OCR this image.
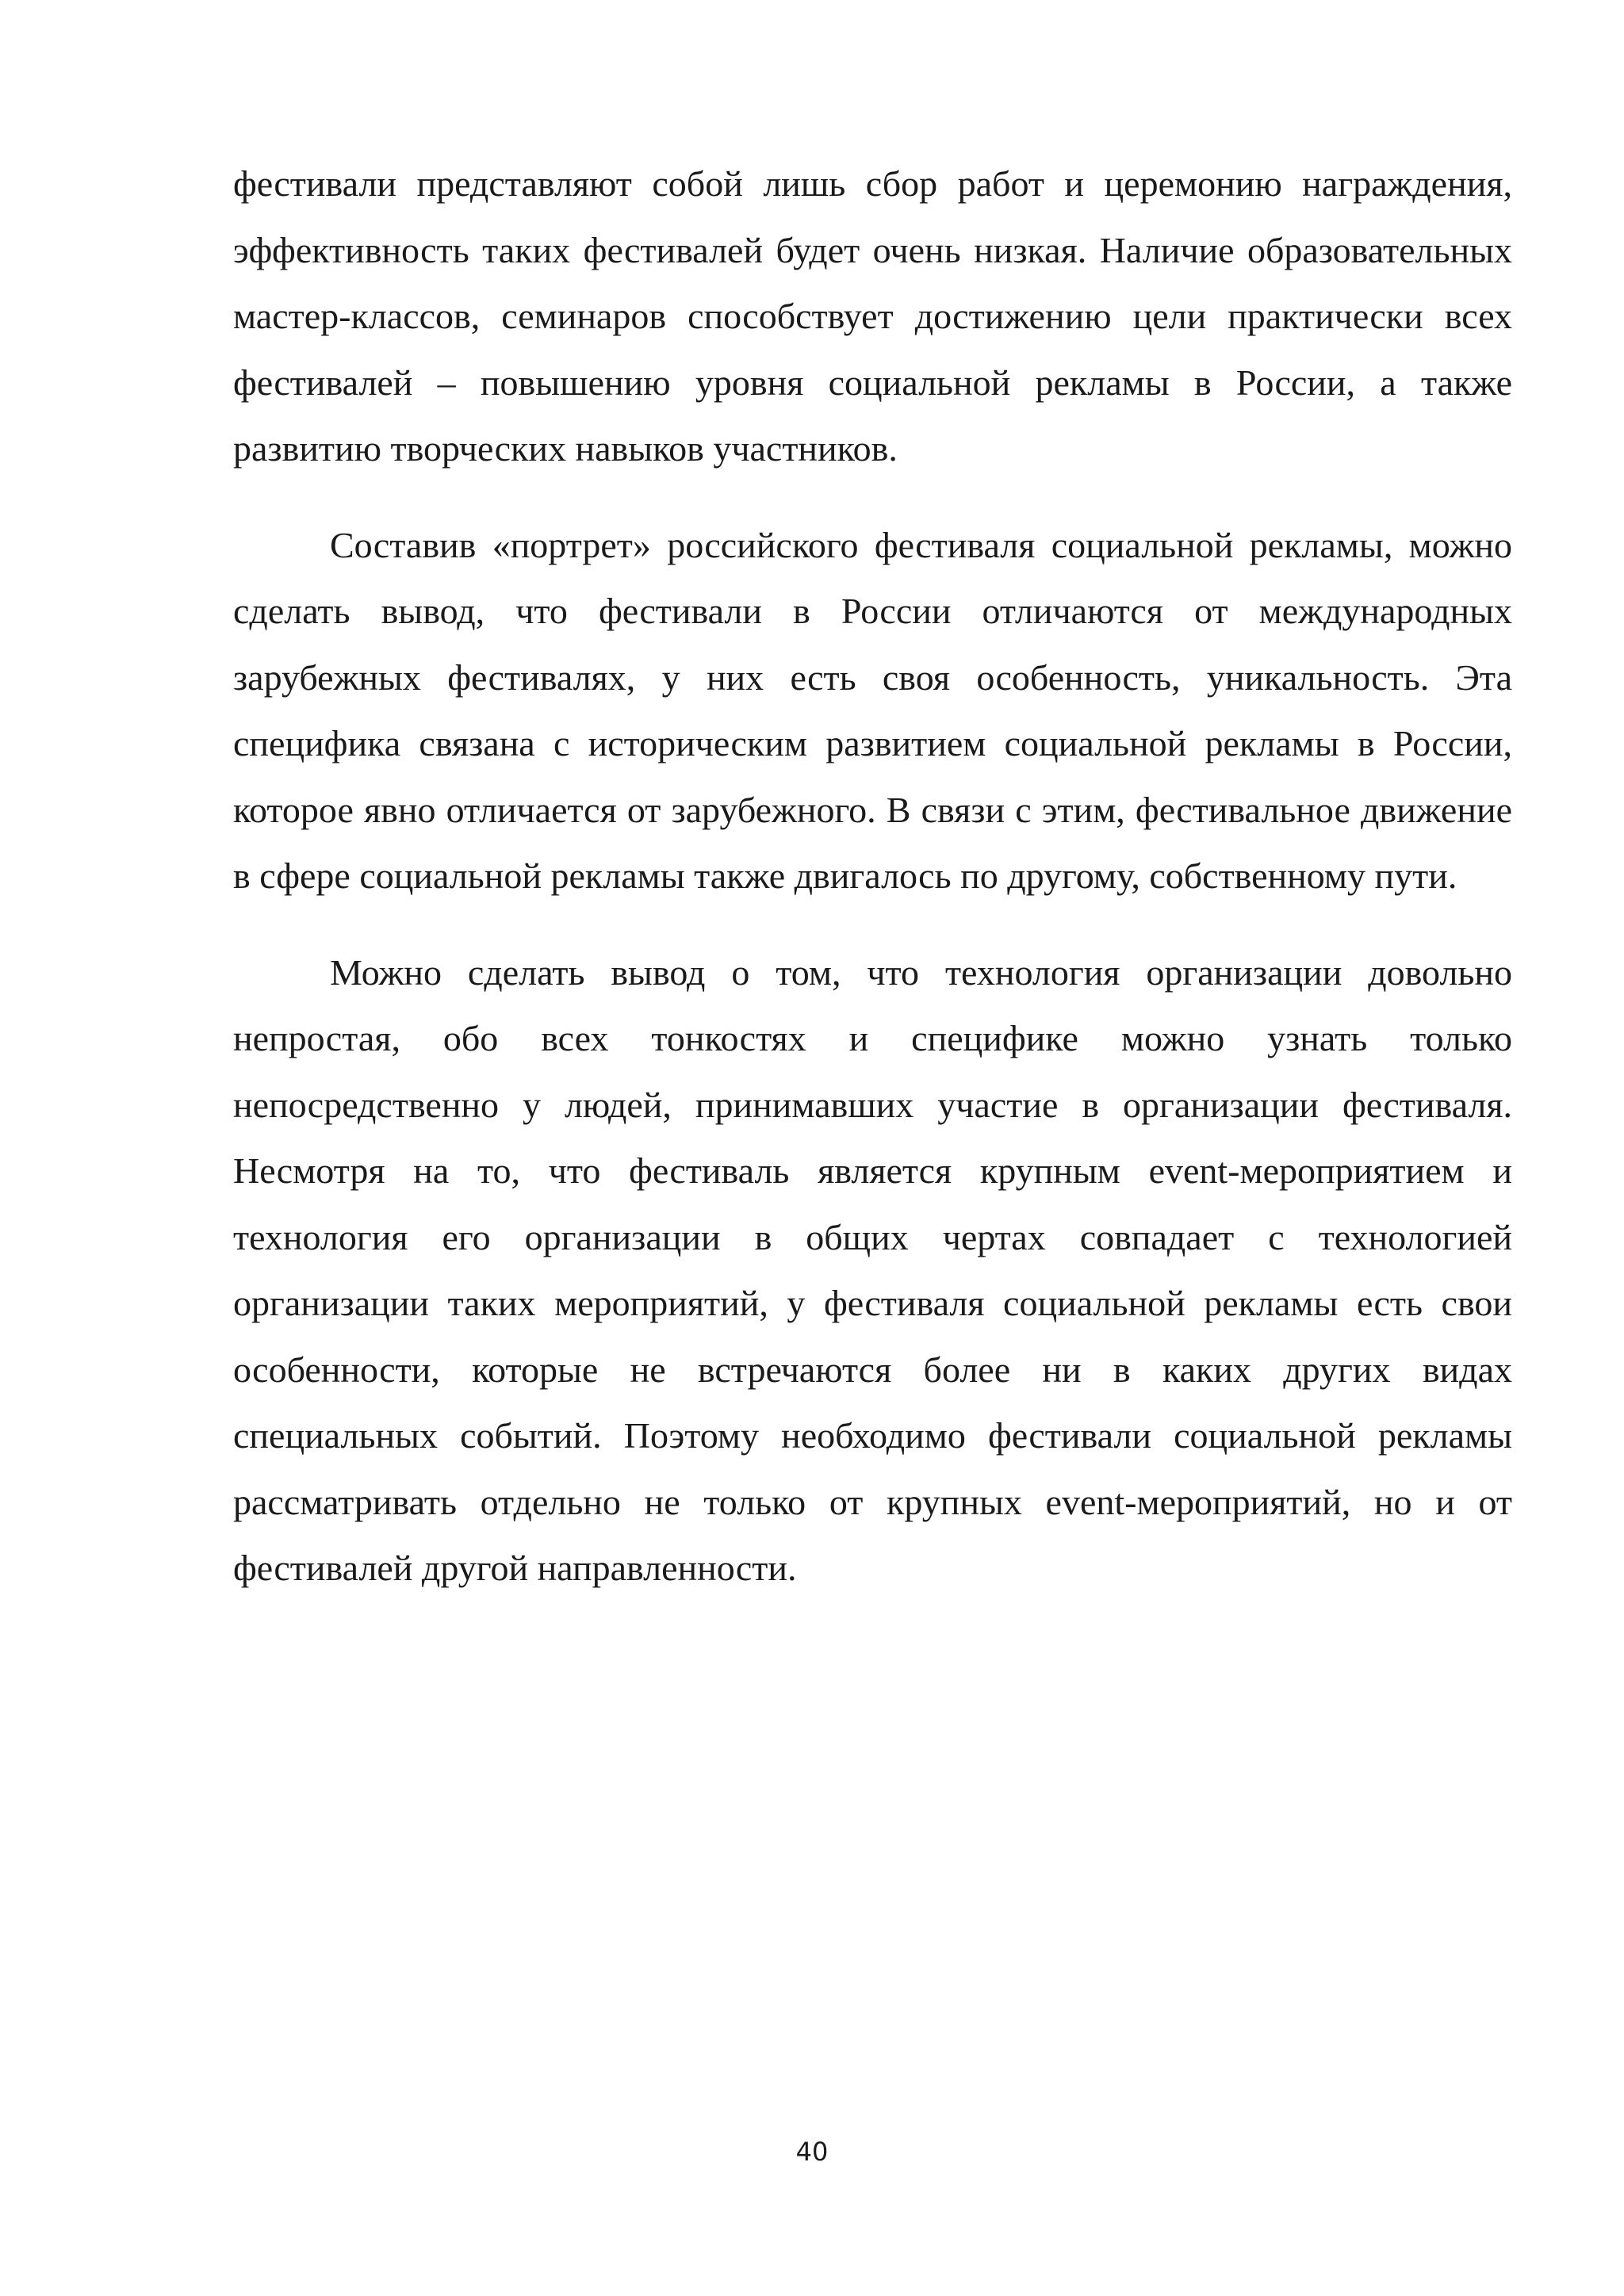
фестивали представляют собой лишь сбор работ и церемонию награждения, эффективность таких фестивалей будет очень низкая. Наличие образовательных мастер-классов, семинаров способствует достижению цели практически всех фестивалей – повышению уровня социальной рекламы в России, а также развитию творческих навыков участников.

Составив «портрет» российского фестиваля социальной рекламы, можно сделать вывод, что фестивали в России отличаются от международных зарубежных фестивалях, у них есть своя особенность, уникальность. Эта специфика связана с историческим развитием социальной рекламы в России, которое явно отличается от зарубежного. В связи с этим, фестивальное движение в сфере социальной рекламы также двигалось по другому, собственному пути.

Можно сделать вывод о том, что технология организации довольно непростая, обо всех тонкостях и специфике можно узнать только непосредственно у людей, принимавших участие в организации фестиваля. Несмотря на то, что фестиваль является крупным event-мероприятием и технология его организации в общих чертах совпадает с технологией организации таких мероприятий, у фестиваля социальной рекламы есть свои особенности, которые не встречаются более ни в каких других видах специальных событий. Поэтому необходимо фестивали социальной рекламы рассматривать отдельно не только от крупных event-мероприятий, но и от фестивалей другой направленности.

40
